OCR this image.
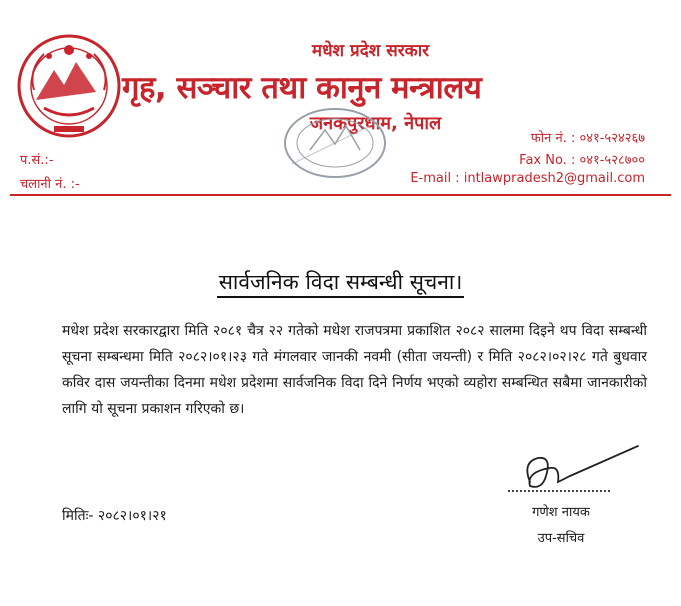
मधेश प्रदेश सरकार
गृह, सञ्चार तथा कानुन मन्त्रालय
जनकपुरधाम, नेपाल
फोन नं. : ०४१-५२४२६७
Fax No. : ०४१-५२८७००
E-mail : intlawpradesh2@gmail.com
प.सं.:-
चलानी नं. :-
सार्वजनिक विदा सम्बन्धी सूचना।
मधेश प्रदेश सरकारद्वारा मिति २०८१ चैत्र २२ गतेको मधेश राजपत्रमा प्रकाशित २०८२ सालमा दिइने थप विदा सम्बन्धी सूचना सम्बन्धमा मिति २०८२।०१।२३ गते मंगलवार जानकी नवमी (सीता जयन्ती) र मिति २०८२।०२।२८ गते बुधवार कविर दास जयन्तीका दिनमा मधेश प्रदेशमा सार्वजनिक विदा दिने निर्णय भएको व्यहोरा सम्बन्धित सबैमा जानकारीको लागि यो सूचना प्रकाशन गरिएको छ।
गणेश नायक
उप-सचिव
मितिः- २०८२।०१।२१
